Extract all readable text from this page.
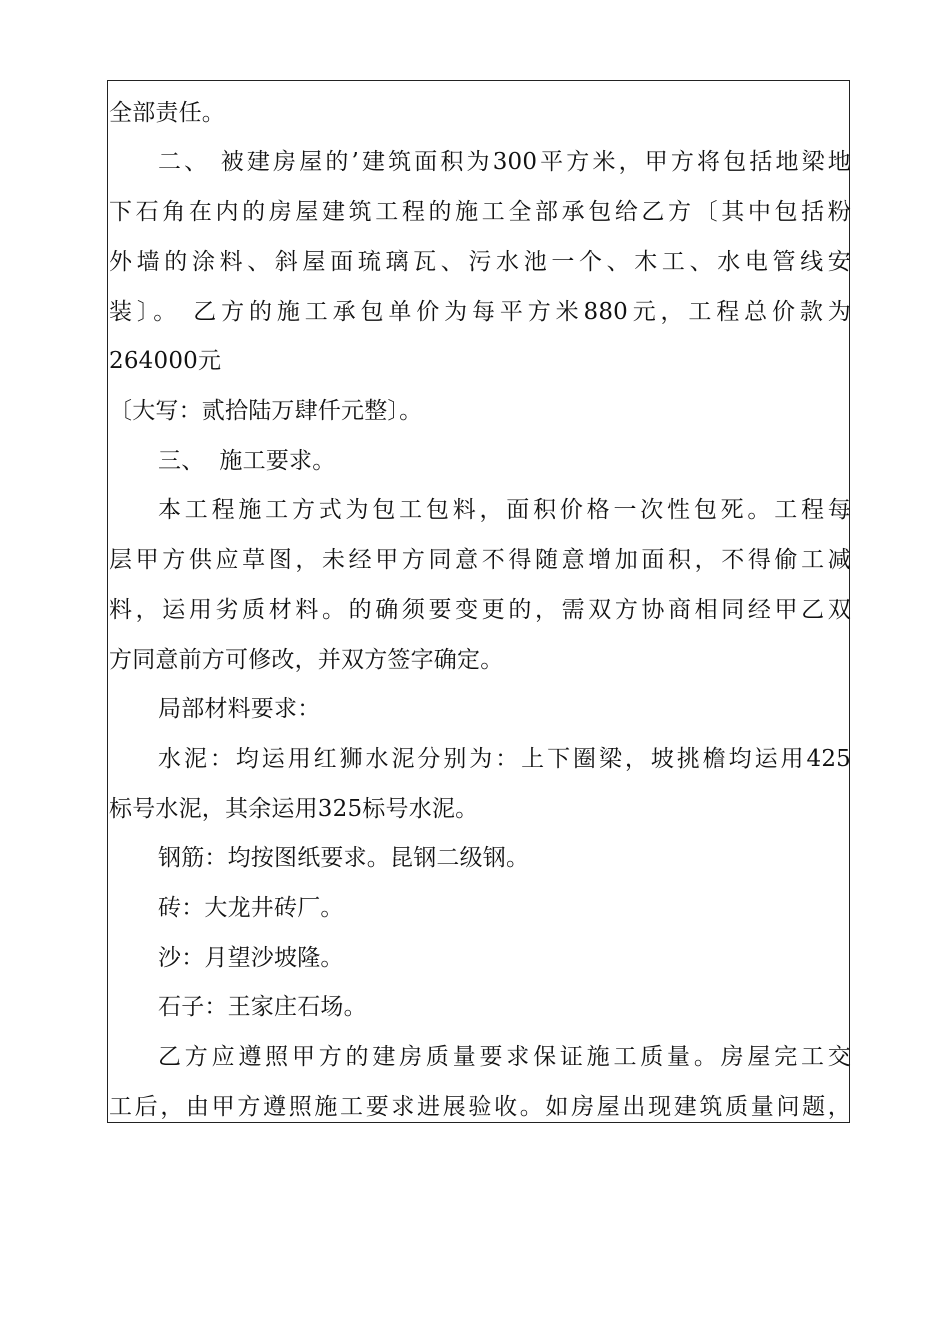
全部责任。
二、 被建房屋的’建筑面积为300平方米，甲方将包括地梁地
下石角在内的房屋建筑工程的施工全部承包给乙方〔其中包括粉
外墙的涂料、斜屋面琉璃瓦、污水池一个、木工、水电管线安
装〕。 乙方的施工承包单价为每平方米880元，工程总价款为
264000元
〔大写：贰拾陆万肆仟元整〕。
三、  施工要求。
本工程施工方式为包工包料，面积价格一次性包死。工程每
层甲方供应草图，未经甲方同意不得随意增加面积，不得偷工减
料，运用劣质材料。的确须要变更的，需双方协商相同经甲乙双
方同意前方可修改，并双方签字确定。
局部材料要求：
水泥：均运用红狮水泥分别为：上下圈梁，坡挑檐均运用425
标号水泥，其余运用325标号水泥。
钢筋：均按图纸要求。昆钢二级钢。
砖：大龙井砖厂。
沙：月望沙坡隆。
石子：王家庄石场。
乙方应遵照甲方的建房质量要求保证施工质量。房屋完工交
工后，由甲方遵照施工要求进展验收。如房屋出现建筑质量问题，
